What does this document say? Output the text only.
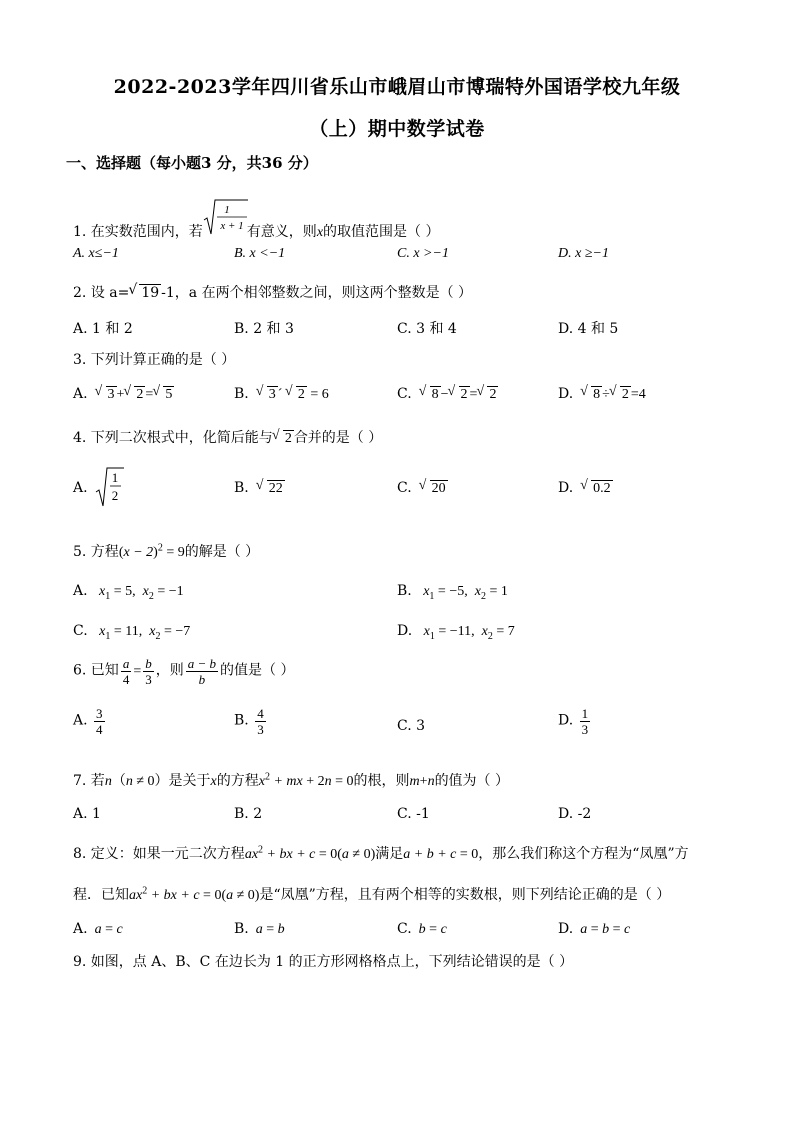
2022-2023学年四川省乐山市峨眉山市博瑞特外国语学校九年级
（上）期中数学试卷
一、选择题（每小题3 分，共36 分）
1. 在实数范围内，若
1
x + 1 有意义，则x的取值范围是（ ）
A. x≤−1	B. x <−1	C. x >−1	D. x ≥−1
2. 设 a= √ 19 -1，a 在两个相邻整数之间，则这两个整数是（ ）
A. 1 和 2	B. 2 和 3	C. 3 和 4	D. 4 和 5
3. 下列计算正确的是（ ）
A. √ 3 + √ 2 = √ 5	B. √ 3 ´ √ 2 = 6	C. √ 8 − √ 2 = √ 2	D. √ 8 ÷ √ 2 =4
4. 下列二次根式中，化简后能与 √ 2 合并的是（ ）
A.
1
2	B. √ 22	C. √ 20	D. √ 0.2
5. 方程$(x - 2)^2 = 9$的解是（ ）
A.   $x_1 = 5$,  $x_2 = -1$	B.   $x_1 = -5$,  $x_2 = 1$
C.   $x_1 = 11$,  $x_2 = -7$	D.   $x_1 = -11$,  $x_2 = 7$
6. 已知 $\frac{a}{4} = \frac{b}{3}$ ，则 $\frac{a - b}{b}$ 的值是（ ）
A. $\frac{3}{4}$	B. $\frac{4}{3}$	C. 3	D. $\frac{1}{3}$
7. 若n（n ≠ 0）是关于x的方程$x^2$ + mx + 2n = 0的根，则m+n的值为（ ）
A. 1	B. 2	C. -1	D. -2
8. 定义：如果一元二次方程$ax^2$ + bx + c = 0(a ≠ 0)满足a + b + c = 0，那么我们称这个方程为“凤凰”方
程．已知$ax^2$ + bx + c = 0(a ≠ 0)是“凤凰”方程，且有两个相等的实数根，则下列结论正确的是（ ）
A.  a = c	B.  a = b	C.  b = c	D.  a = b = c
9. 如图，点 A、B、C 在边长为 1 的正方形网格格点上，下列结论错误的是（ ）
